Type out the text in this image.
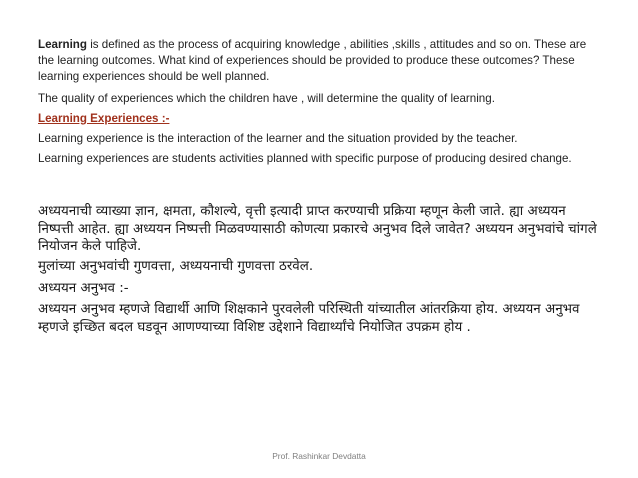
Learning is defined as the process of acquiring knowledge , abilities ,skills , attitudes and so on. These are the learning outcomes. What kind of experiences should be provided to produce these outcomes? These learning experiences should be well planned.

The quality of experiences which the children have , will determine the quality of learning.

Learning Experiences :-

Learning experience is the interaction of the learner and the situation provided by the teacher.

Learning experiences are students activities planned with specific purpose of producing desired change.

अध्ययनाची व्याख्या ज्ञान, क्षमता, कौशल्ये, वृत्ती इत्यादी प्राप्त करण्याची प्रक्रिया म्हणून केली जाते. ह्या अध्ययन निष्पत्ती आहेत. ह्या अध्ययन निष्पत्ती मिळवण्यासाठी कोणत्या प्रकारचे अनुभव दिले जावेत? अध्ययन अनुभवांचे चांगले नियोजन केले पाहिजे.

मुलांच्या अनुभवांची गुणवत्ता, अध्ययनाची गुणवत्ता ठरवेल.

अध्ययन अनुभव :-

अध्ययन अनुभव म्हणजे विद्यार्थी आणि शिक्षकाने पुरवलेली परिस्थिती यांच्यातील आंतरक्रिया होय. अध्ययन अनुभव म्हणजे इच्छित बदल घडवून आणण्याच्या विशिष्ट उद्देशाने विद्यार्थ्यांचे नियोजित उपक्रम होय .

Prof. Rashinkar Devdatta
